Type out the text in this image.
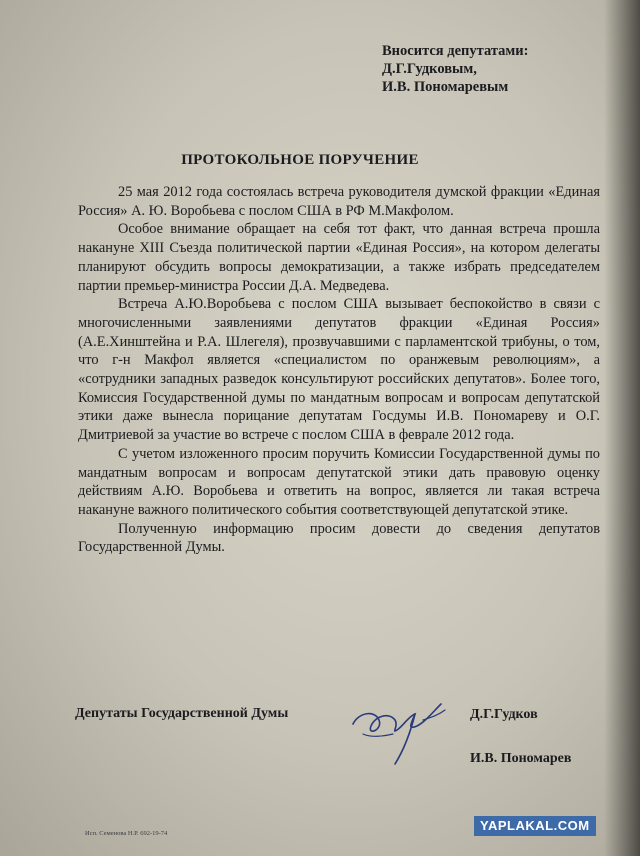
Вносится депутатами:
Д.Г.Гудковым,
И.В. Пономаревым
ПРОТОКОЛЬНОЕ ПОРУЧЕНИЕ

25 мая 2012 года состоялась встреча руководителя думской фракции «Единая Россия» А. Ю. Воробьева с послом США в РФ М.Макфолом.

Особое внимание обращает на себя тот факт, что данная встреча прошла накануне XIII Съезда политической партии «Единая Россия», на котором делегаты планируют обсудить вопросы демократизации, а также избрать председателем партии премьер-министра России Д.А. Медведева.

Встреча А.Ю.Воробьева с послом США вызывает беспокойство в связи с многочисленными заявлениями депутатов фракции «Единая Россия» (А.Е.Хинштейна и Р.А. Шлегеля), прозвучавшими с парламентской трибуны, о том, что г-н Макфол является «специалистом по оранжевым революциям», а «сотрудники западных разведок консультируют российских депутатов». Более того, Комиссия Государственной думы по мандатным вопросам и вопросам депутатской этики даже вынесла порицание депутатам Госдумы И.В. Пономареву и О.Г. Дмитриевой за участие во встрече с послом США в феврале 2012 года.

С учетом изложенного просим поручить Комиссии Государственной думы по мандатным вопросам и вопросам депутатской этики дать правовую оценку действиям А.Ю. Воробьева и ответить на вопрос, является ли такая встреча накануне важного политического события соответствующей депутатской этике.

Полученную информацию просим довести до сведения депутатов Государственной Думы.

Депутаты Государственной Думы	Д.Г.Гудков
И.В. Пономарев
Исп. Семенова Н.Р. 692-19-74
YAPLAKAL.COM
